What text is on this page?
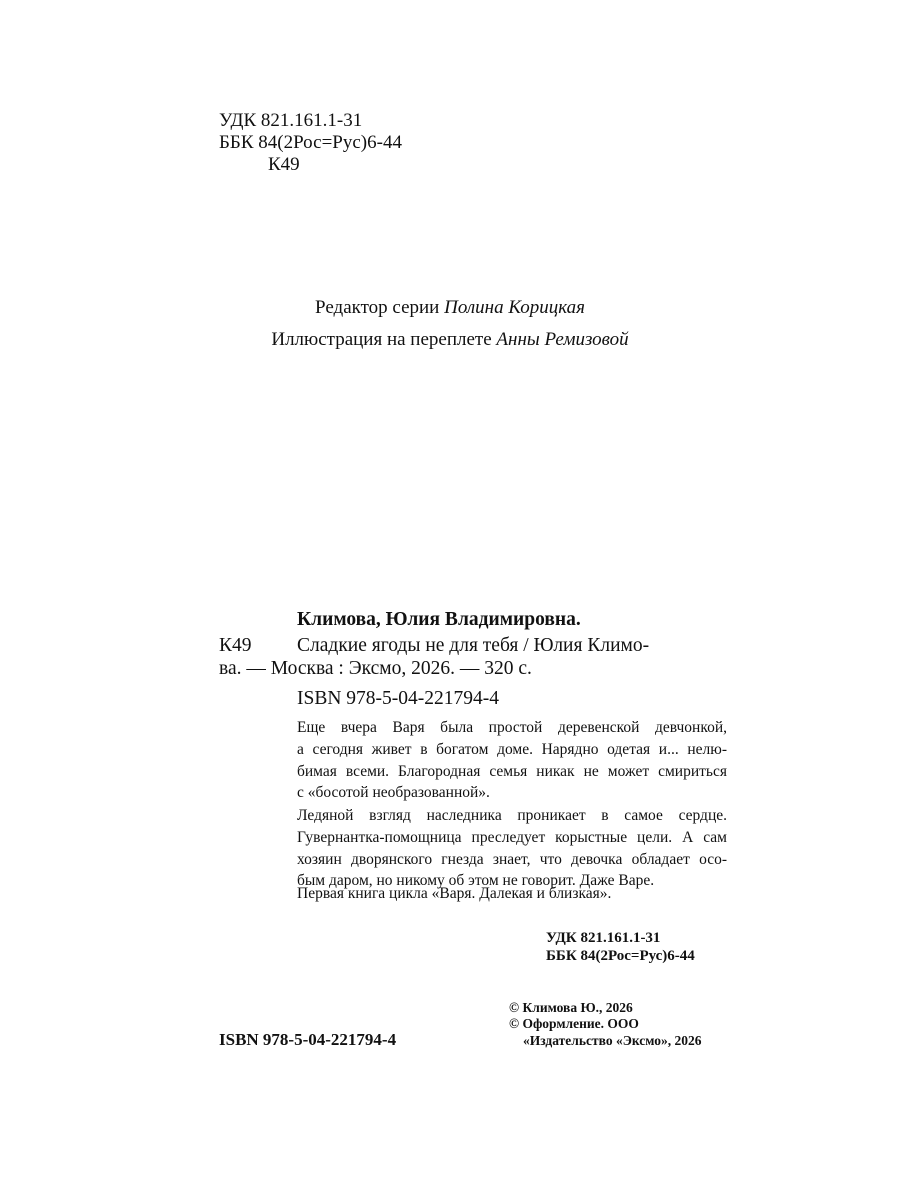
УДК 821.161.1-31
ББК 84(2Рос=Рус)6-44
К49
Редактор серии Полина Корицкая
Иллюстрация на переплете Анны Ремизовой
Климова, Юлия Владимировна.
К49 Сладкие ягоды не для тебя / Юлия Климо-
ва. — Москва : Эксмо, 2026. — 320 с.
ISBN 978-5-04-221794-4
Еще вчера Варя была простой деревенской девчонкой,
а сегодня живет в богатом доме. Нарядно одетая и... нелю-
бимая всеми. Благородная семья никак не может смириться
с «босотой необразованной».
Ледяной взгляд наследника проникает в самое сердце.
Гувернантка-помощница преследует корыстные цели. А сам
хозяин дворянского гнезда знает, что девочка обладает осо-
бым даром, но никому об этом не говорит. Даже Варе.
Первая книга цикла «Варя. Далекая и близкая».
УДК 821.161.1-31
ББК 84(2Рос=Рус)6-44
ISBN 978-5-04-221794-4
© Климова Ю., 2026
© Оформление. ООО
«Издательство «Эксмо», 2026
